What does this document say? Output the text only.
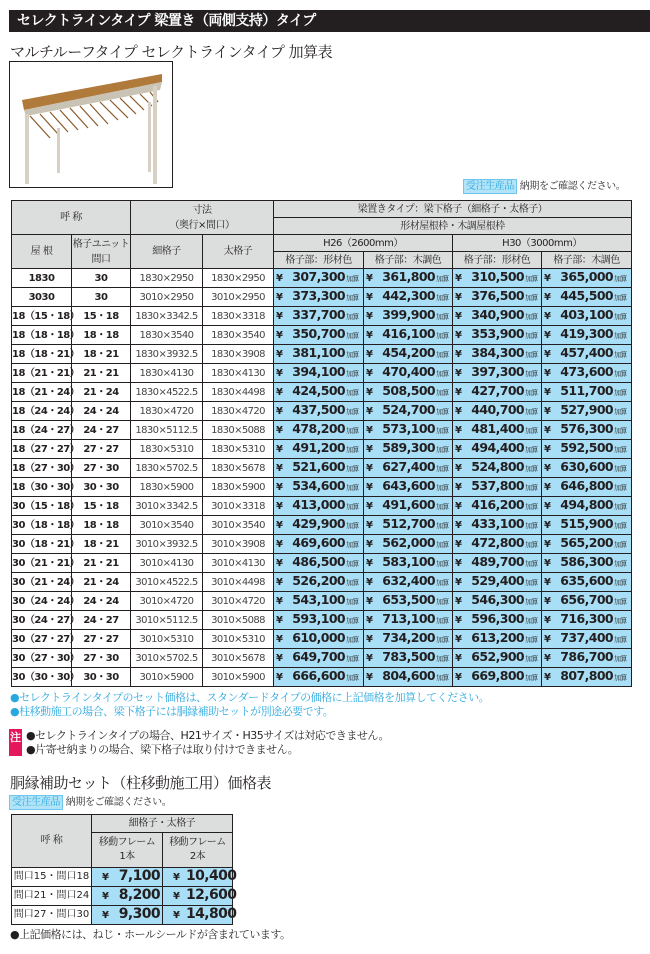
セレクトラインタイプ 梁置き（両側支持）タイプ
マルチルーフタイプ セレクトラインタイプ 加算表
受注生産品 納期をご確認ください。
呼 称		寸法
（奥行×間口）		梁置きタイプ：梁下格子（細格子・太格子）			
				形材屋根枠・木調屋根枠			
屋 根	格子ユニット
間口	細格子	太格子	H26（2600mm）		H30（3000mm）	
				格子部：形材色	格子部：木調色	格子部：形材色	格子部：木調色
1830	30	1830×2950	1830×2950	¥ 307,300加算	¥ 361,800加算	¥ 310,500加算	¥ 365,000加算
3030	30	3010×2950	3010×2950	¥ 373,300加算	¥ 442,300加算	¥ 376,500加算	¥ 445,500加算
18（15・18）	15・18	1830×3342.5	1830×3318	¥ 337,700加算	¥ 399,900加算	¥ 340,900加算	¥ 403,100加算
18（18・18）	18・18	1830×3540	1830×3540	¥ 350,700加算	¥ 416,100加算	¥ 353,900加算	¥ 419,300加算
18（18・21）	18・21	1830×3932.5	1830×3908	¥ 381,100加算	¥ 454,200加算	¥ 384,300加算	¥ 457,400加算
18（21・21）	21・21	1830×4130	1830×4130	¥ 394,100加算	¥ 470,400加算	¥ 397,300加算	¥ 473,600加算
18（21・24）	21・24	1830×4522.5	1830×4498	¥ 424,500加算	¥ 508,500加算	¥ 427,700加算	¥ 511,700加算
18（24・24）	24・24	1830×4720	1830×4720	¥ 437,500加算	¥ 524,700加算	¥ 440,700加算	¥ 527,900加算
18（24・27）	24・27	1830×5112.5	1830×5088	¥ 478,200加算	¥ 573,100加算	¥ 481,400加算	¥ 576,300加算
18（27・27）	27・27	1830×5310	1830×5310	¥ 491,200加算	¥ 589,300加算	¥ 494,400加算	¥ 592,500加算
18（27・30）	27・30	1830×5702.5	1830×5678	¥ 521,600加算	¥ 627,400加算	¥ 524,800加算	¥ 630,600加算
18（30・30）	30・30	1830×5900	1830×5900	¥ 534,600加算	¥ 643,600加算	¥ 537,800加算	¥ 646,800加算
30（15・18）	15・18	3010×3342.5	3010×3318	¥ 413,000加算	¥ 491,600加算	¥ 416,200加算	¥ 494,800加算
30（18・18）	18・18	3010×3540	3010×3540	¥ 429,900加算	¥ 512,700加算	¥ 433,100加算	¥ 515,900加算
30（18・21）	18・21	3010×3932.5	3010×3908	¥ 469,600加算	¥ 562,000加算	¥ 472,800加算	¥ 565,200加算
30（21・21）	21・21	3010×4130	3010×4130	¥ 486,500加算	¥ 583,100加算	¥ 489,700加算	¥ 586,300加算
30（21・24）	21・24	3010×4522.5	3010×4498	¥ 526,200加算	¥ 632,400加算	¥ 529,400加算	¥ 635,600加算
30（24・24）	24・24	3010×4720	3010×4720	¥ 543,100加算	¥ 653,500加算	¥ 546,300加算	¥ 656,700加算
30（24・27）	24・27	3010×5112.5	3010×5088	¥ 593,100加算	¥ 713,100加算	¥ 596,300加算	¥ 716,300加算
30（27・27）	27・27	3010×5310	3010×5310	¥ 610,000加算	¥ 734,200加算	¥ 613,200加算	¥ 737,400加算
30（27・30）	27・30	3010×5702.5	3010×5678	¥ 649,700加算	¥ 783,500加算	¥ 652,900加算	¥ 786,700加算
30（30・30）	30・30	3010×5900	3010×5900	¥ 666,600加算	¥ 804,600加算	¥ 669,800加算	¥ 807,800加算
●セレクトラインタイプのセット価格は、スタンダードタイプの価格に上記価格を加算してください。
●柱移動施工の場合、梁下格子には胴縁補助セットが別途必要です。
注 ●セレクトラインタイプの場合、H21サイズ・H35サイズは対応できません。
●片寄せ納まりの場合、梁下格子は取り付けできません。
胴縁補助セット（柱移動施工用）価格表
受注生産品 納期をご確認ください。
呼 称	細格子・太格子	
	移動フレーム
1本	移動フレーム
2本
間口15・間口18	¥ 7,100	¥ 10,400
間口21・間口24	¥ 8,200	¥ 12,600
間口27・間口30	¥ 9,300	¥ 14,800
●上記価格には、ねじ・ホールシールドが含まれています。
